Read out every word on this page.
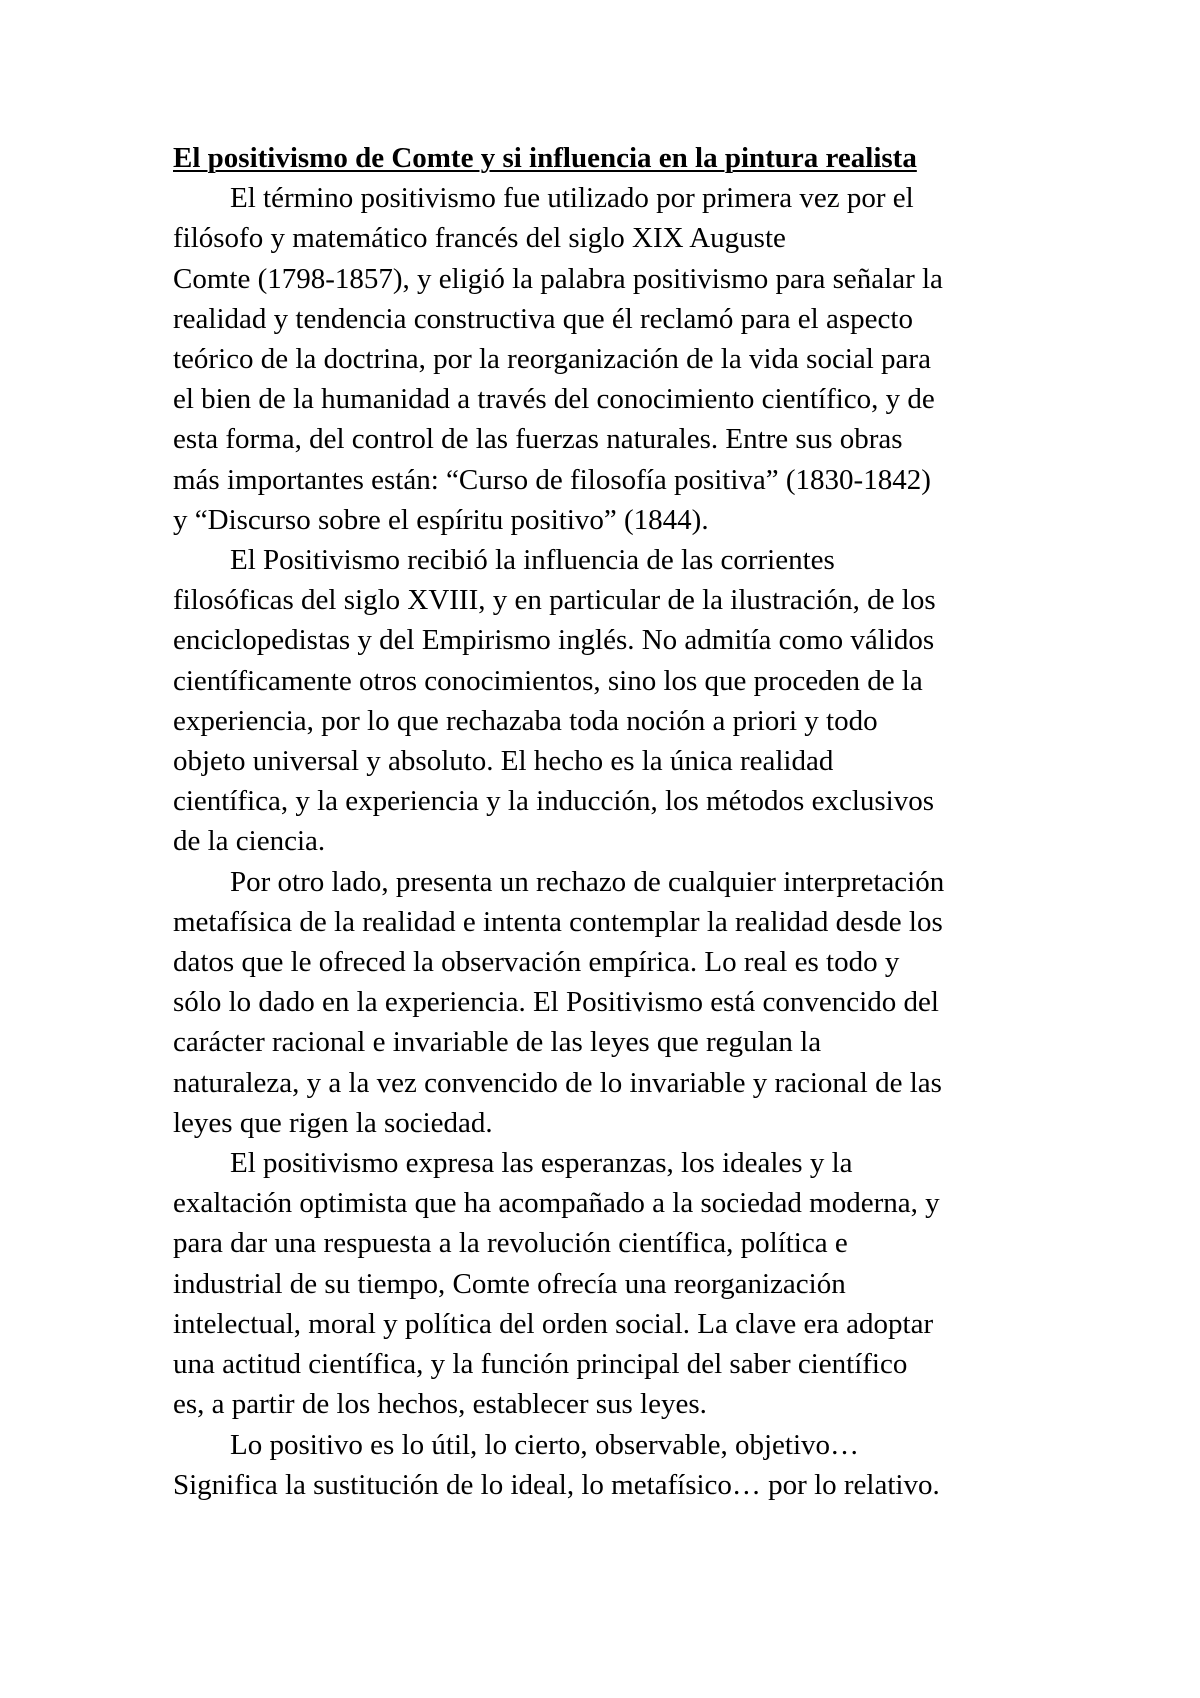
El positivismo de Comte y si influencia en la pintura realista
El término positivismo fue utilizado por primera vez por el
filósofo y matemático francés del siglo XIX Auguste
Comte (1798-1857), y eligió la palabra positivismo para señalar la
realidad y tendencia constructiva que él reclamó para el aspecto
teórico de la doctrina, por la reorganización de la vida social para
el bien de la humanidad a través del conocimiento científico, y de
esta forma, del control de las fuerzas naturales. Entre sus obras
más importantes están: “Curso de filosofía positiva” (1830-1842)
y “Discurso sobre el espíritu positivo” (1844).
El Positivismo recibió la influencia de las corrientes
filosóficas del siglo XVIII, y en particular de la ilustración, de los
enciclopedistas y del Empirismo inglés. No admitía como válidos
científicamente otros conocimientos, sino los que proceden de la
experiencia, por lo que rechazaba toda noción a priori y todo
objeto universal y absoluto. El hecho es la única realidad
científica, y la experiencia y la inducción, los métodos exclusivos
de la ciencia.
Por otro lado, presenta un rechazo de cualquier interpretación
metafísica de la realidad e intenta contemplar la realidad desde los
datos que le ofreced la observación empírica. Lo real es todo y
sólo lo dado en la experiencia. El Positivismo está convencido del
carácter racional e invariable de las leyes que regulan la
naturaleza, y a la vez convencido de lo invariable y racional de las
leyes que rigen la sociedad.
El positivismo expresa las esperanzas, los ideales y la
exaltación optimista que ha acompañado a la sociedad moderna, y
para dar una respuesta a la revolución científica, política e
industrial de su tiempo, Comte ofrecía una reorganización
intelectual, moral y política del orden social. La clave era adoptar
una actitud científica, y la función principal del saber científico
es, a partir de los hechos, establecer sus leyes.
Lo positivo es lo útil, lo cierto, observable, objetivo…
Significa la sustitución de lo ideal, lo metafísico… por lo relativo.
